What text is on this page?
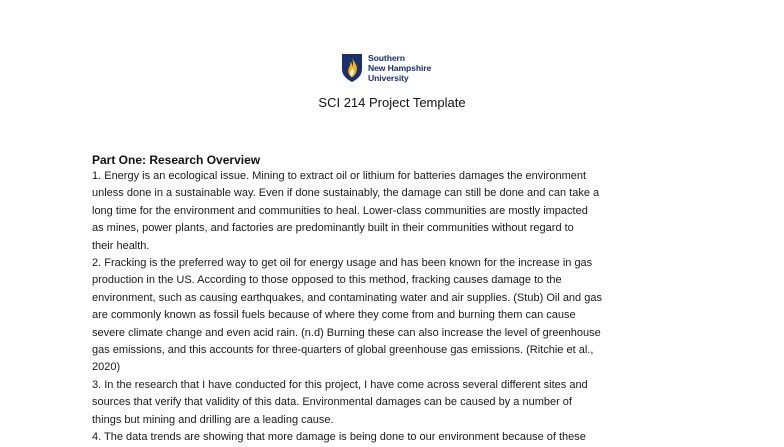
Southern
New Hampshire
University
SCI 214 Project Template
Part One: Research Overview
1. Energy is an ecological issue. Mining to extract oil or lithium for batteries damages the environment
unless done in a sustainable way. Even if done sustainably, the damage can still be done and can take a
long time for the environment and communities to heal. Lower-class communities are mostly impacted
as mines, power plants, and factories are predominantly built in their communities without regard to
their health.
2. Fracking is the preferred way to get oil for energy usage and has been known for the increase in gas
production in the US. According to those opposed to this method, fracking causes damage to the
environment, such as causing earthquakes, and contaminating water and air supplies. (Stub) Oil and gas
are commonly known as fossil fuels because of where they come from and burning them can cause
severe climate change and even acid rain. (n.d) Burning these can also increase the level of greenhouse
gas emissions, and this accounts for three-quarters of global greenhouse gas emissions. (Ritchie et al.,
2020)
3. In the research that I have conducted for this project, I have come across several different sites and
sources that verify that validity of this data. Environmental damages can be caused by a number of
things but mining and drilling are a leading cause.
4. The data trends are showing that more damage is being done to our environment because of these
